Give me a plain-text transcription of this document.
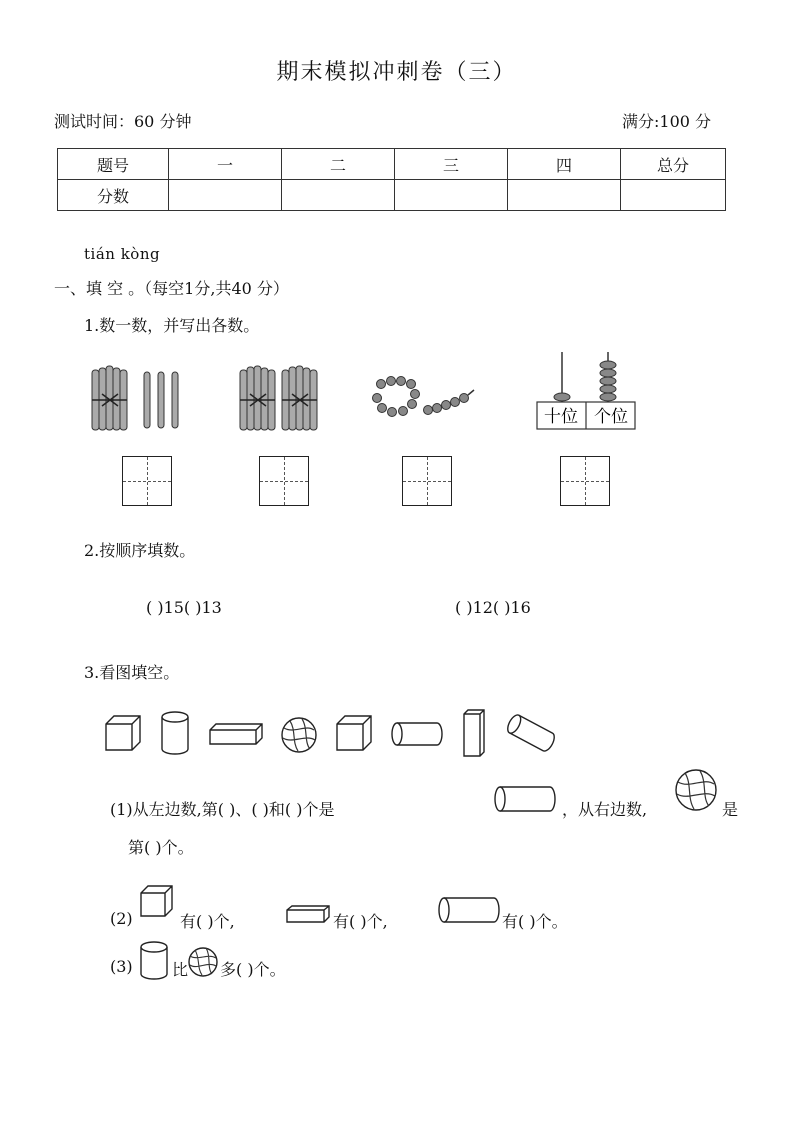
期末模拟冲刺卷（三）
测试时间：60 分钟	满分:100 分
题号	一	二	三	四	总分
分数					
tián kòng
一、填 空 。（每空1分,共40 分）
1.数一数，并写出各数。
十位 个位
2.按顺序填数。
( )15( )13	( )12( )16
3.看图填空。
(1)从左边数,第( )、( )和( )个是	，从右边数,	是
第( )个。
(2)	有( )个,	有( )个,	有( )个。
(3) 比 多( )个。
